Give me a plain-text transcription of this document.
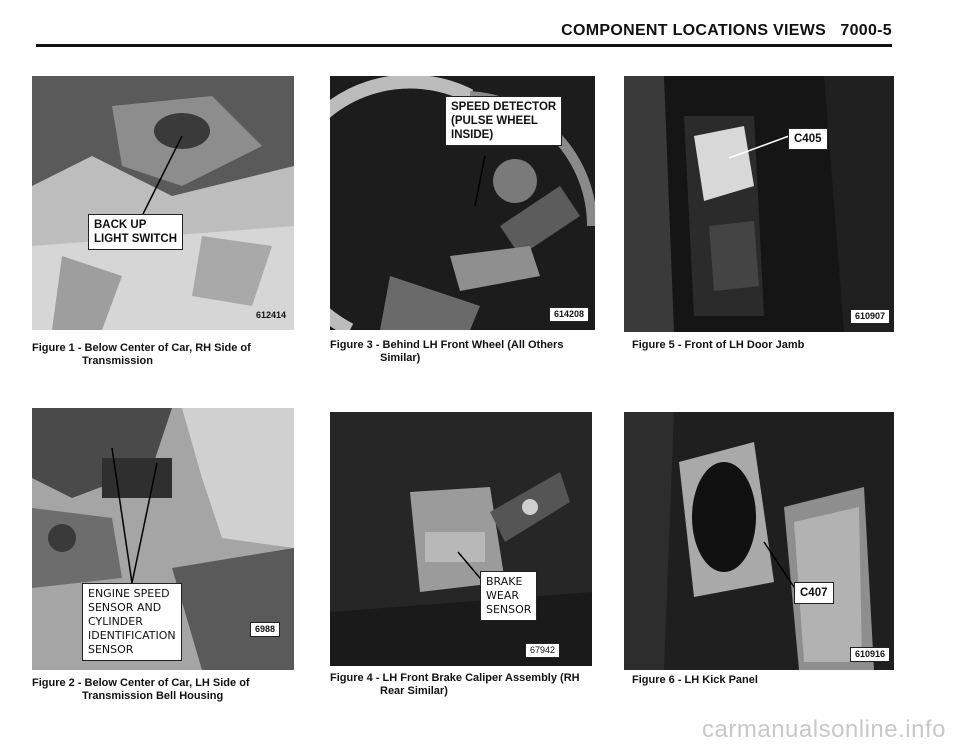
COMPONENT LOCATIONS VIEWS 7000-5
BACK UP
LIGHT SWITCH
612414
Figure 1 - Below Center of Car, RH Side of
Transmission
ENGINE SPEED
SENSOR AND
CYLINDER
IDENTIFICATION
SENSOR
6988
Figure 2 - Below Center of Car, LH Side of
Transmission Bell Housing
SPEED DETECTOR
(PULSE WHEEL
INSIDE)
614208
Figure 3 - Behind LH Front Wheel (All Others
Similar)
BRAKE
WEAR
SENSOR
67942
Figure 4 - LH Front Brake Caliper Assembly (RH
Rear Similar)
C405
610907
Figure 5 - Front of LH Door Jamb
C407
610916
Figure 6 - LH Kick Panel
carmanualsonline.info
